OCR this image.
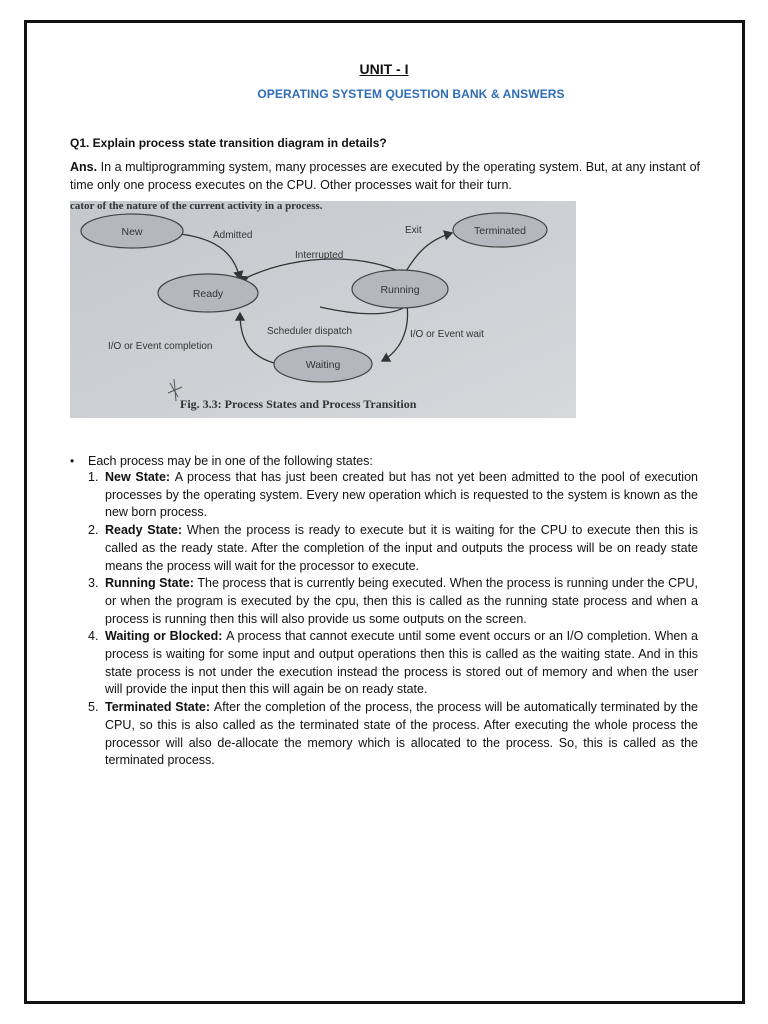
UNIT - I
OPERATING SYSTEM QUESTION BANK & ANSWERS
Q1. Explain process state transition diagram in details?
Ans. In a multiprogramming system, many processes are executed by the operating system. But, at any instant of time only one process executes on the CPU. Other processes wait for their turn.
cator of the nature of the current activity in a process.
New
Ready	Running
Waiting
Terminated
Admitted
Interrupted
Exit
Scheduler dispatch	I/O or Event wait
I/O or Event completion
Fig. 3.3: Process States and Process Transition
• Each process may be in one of the following states:
1. New State: A process that has just been created but has not yet been admitted to the pool of execution processes by the operating system. Every new operation which is requested to the system is known as the new born process.
2. Ready State: When the process is ready to execute but it is waiting for the CPU to execute then this is called as the ready state. After the completion of the input and outputs the process will be on ready state means the process will wait for the processor to execute.
3. Running State: The process that is currently being executed. When the process is running under the CPU, or when the program is executed by the cpu, then this is called as the running state process and when a process is running then this will also provide us some outputs on the screen.
4. Waiting or Blocked: A process that cannot execute until some event occurs or an I/O completion. When a process is waiting for some input and output operations then this is called as the waiting state. And in this state process is not under the execution instead the process is stored out of memory and when the user will provide the input then this will again be on ready state.
5. Terminated State: After the completion of the process, the process will be automatically terminated by the CPU, so this is also called as the terminated state of the process. After executing the whole process the processor will also de-allocate the memory which is allocated to the process. So, this is called as the terminated process.
